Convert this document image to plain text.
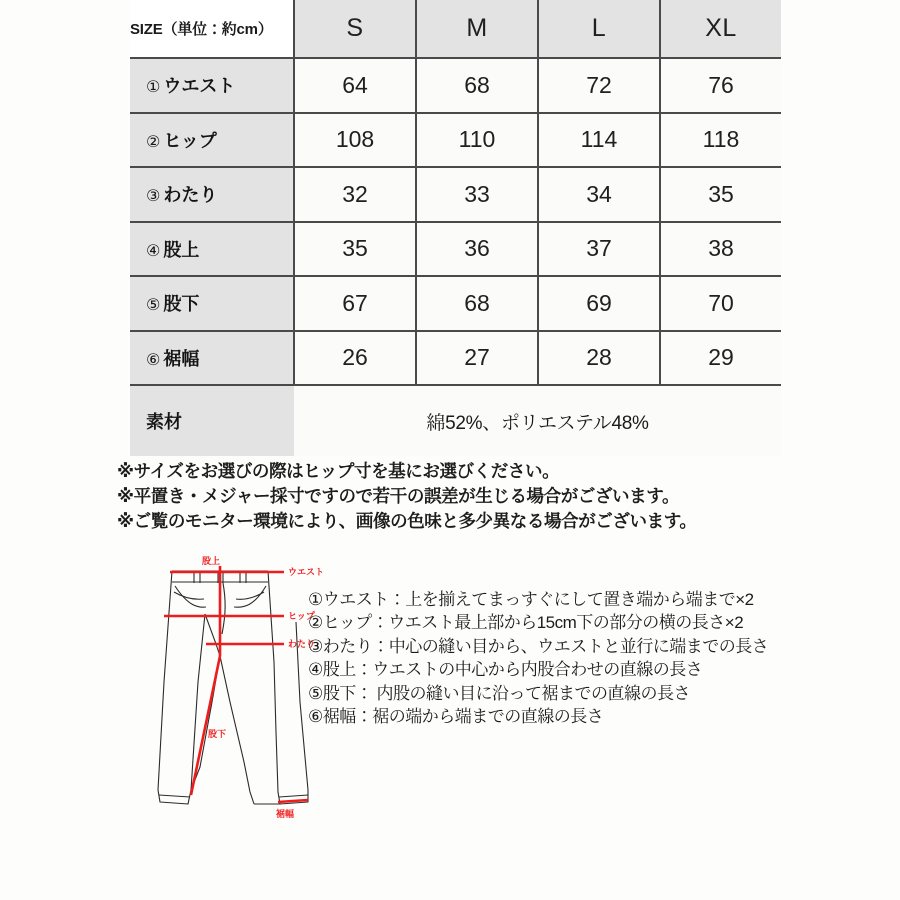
SIZE（単位：約cm）	S	M	L	XL
① ウエスト	64	68	72	76
② ヒップ	108	110	114	118
③ わたり	32	33	34	35
④ 股上	35	36	37	38
⑤ 股下	67	68	69	70
⑥ 裾幅	26	27	28	29
素材	綿52%、ポリエステル48%			
※サイズをお選びの際はヒップ寸を基にお選びください。
※平置き・メジャー採寸ですので若干の誤差が生じる場合がございます。
※ご覧のモニター環境により、画像の色味と多少異なる場合がございます。
股上
ウエスト
ヒップ
わたり
股下
裾幅
①ウエスト：上を揃えてまっすぐにして置き端から端まで×2
②ヒップ：ウエスト最上部から15cm下の部分の横の長さ×2
③わたり：中心の縫い目から、ウエストと並行に端までの長さ
④股上：ウエストの中心から内股合わせの直線の長さ
⑤股下： 内股の縫い目に沿って裾までの直線の長さ
⑥裾幅：裾の端から端までの直線の長さ
